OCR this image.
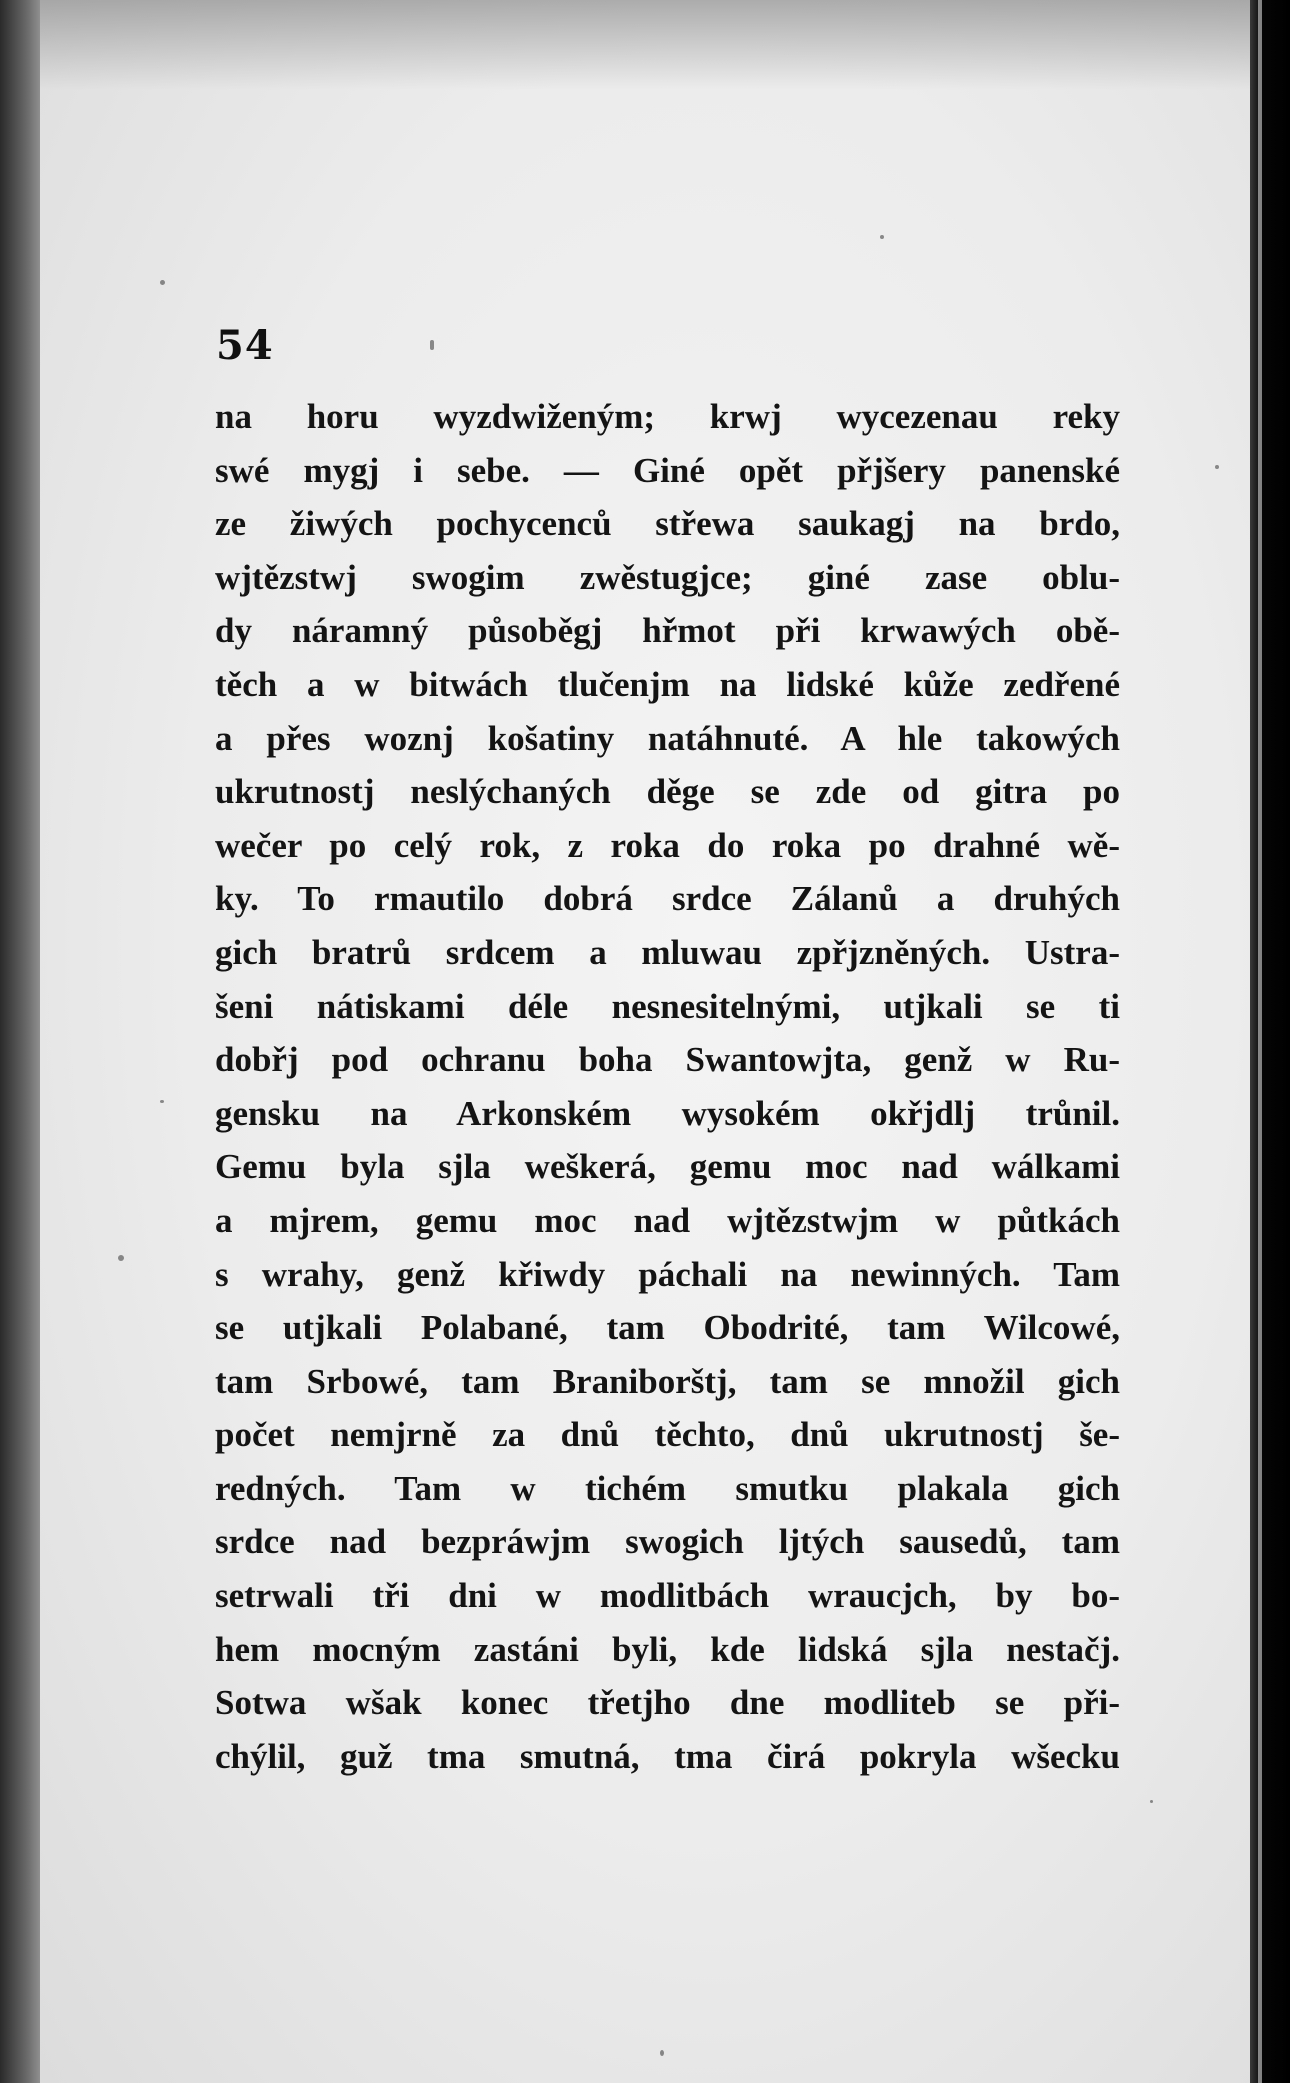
54
na horu wyzdwiženým; krwj wycezenau reky
swé mygj i sebe. — Giné opět přjšery panenské
ze žiwých pochycenců střewa saukagj na brdo,
wjtězstwj swogim zwěstugjce; giné zase oblu-
dy náramný působěgj hřmot při krwawých obě-
těch a w bitwách tlučenjm na lidské kůže zedřené
a přes woznj košatiny natáhnuté. A hle takowých
ukrutnostj neslýchaných děge se zde od gitra po
wečer po celý rok, z roka do roka po drahné wě-
ky. To rmautilo dobrá srdce Zálanů a druhých
gich bratrů srdcem a mluwau zpřjzněných. Ustra-
šeni nátiskami déle nesnesitelnými, utjkali se ti
dobřj pod ochranu boha Swantowjta, genž w Ru-
gensku na Arkonském wysokém okřjdlj trůnil.
Gemu byla sjla weškerá, gemu moc nad wálkami
a mjrem, gemu moc nad wjtězstwjm w půtkách
s wrahy, genž křiwdy páchali na newinných. Tam
se utjkali Polabané, tam Obodrité, tam Wilcowé,
tam Srbowé, tam Braniborštj, tam se množil gich
počet nemjrně za dnů těchto, dnů ukrutnostj še-
redných. Tam w tichém smutku plakala gich
srdce nad bezpráwjm swogich ljtých sausedů, tam
setrwali tři dni w modlitbách wraucjch, by bo-
hem mocným zastáni byli, kde lidská sjla nestačj.
Sotwa wšak konec třetjho dne modliteb se při-
chýlil, guž tma smutná, tma čirá pokryla wšecku
